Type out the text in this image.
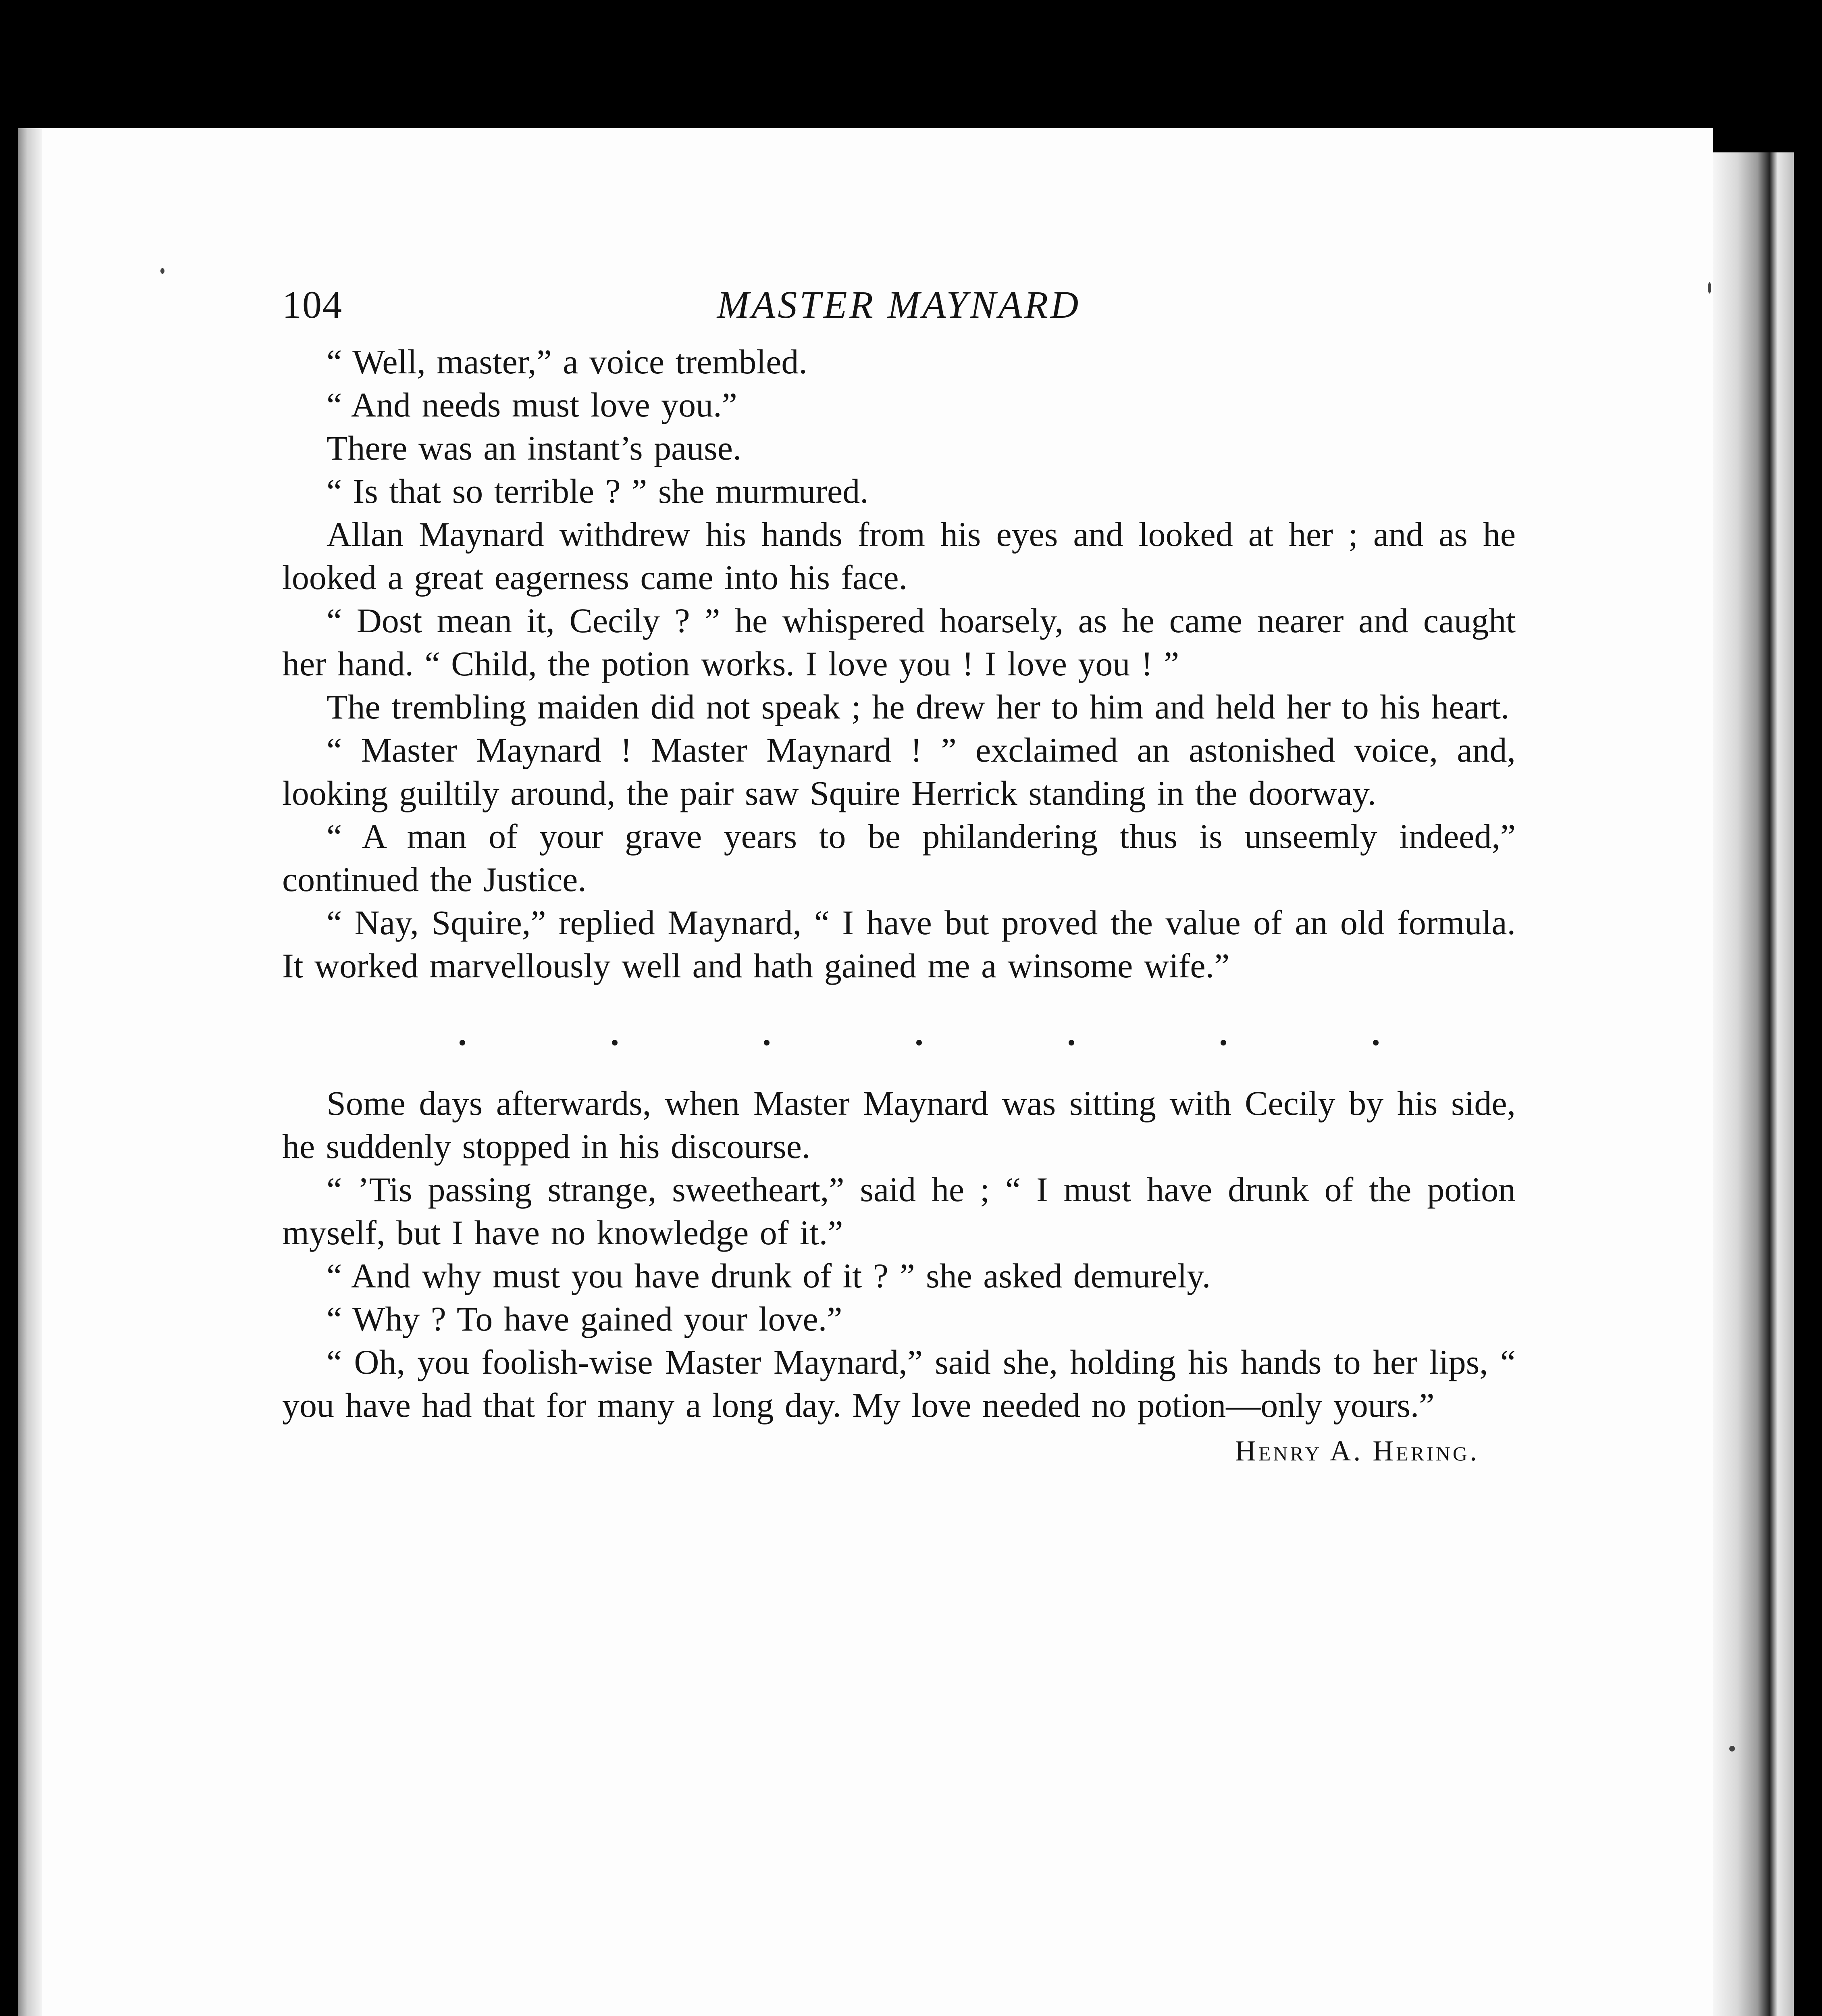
104	MASTER MAYNARD

“ Well, master,” a voice trembled.

“ And needs must love you.”

There was an instant’s pause.

“ Is that so terrible ? ” she murmured.

Allan Maynard withdrew his hands from his eyes and looked at her ; and as he looked a great eagerness came into his face.

“ Dost mean it, Cecily ? ” he whispered hoarsely, as he came nearer and caught her hand. “ Child, the potion works. I love you ! I love you ! ”

The trembling maiden did not speak ; he drew her to him and held her to his heart.

“ Master Maynard ! Master Maynard ! ” exclaimed an astonished voice, and, looking guiltily around, the pair saw Squire Herrick standing in the doorway.

“ A man of your grave years to be philandering thus is unseemly indeed,” continued the Justice.

“ Nay, Squire,” replied Maynard, “ I have but proved the value of an old formula. It worked marvellously well and hath gained me a winsome wife.”

Some days afterwards, when Master Maynard was sitting with Cecily by his side, he suddenly stopped in his discourse.

“ ’Tis passing strange, sweetheart,” said he ; “ I must have drunk of the potion myself, but I have no knowledge of it.”

“ And why must you have drunk of it ? ” she asked demurely.

“ Why ? To have gained your love.”

“ Oh, you foolish-wise Master Maynard,” said she, holding his hands to her lips, “ you have had that for many a long day. My love needed no potion—only yours.”

Henry A. Hering.
